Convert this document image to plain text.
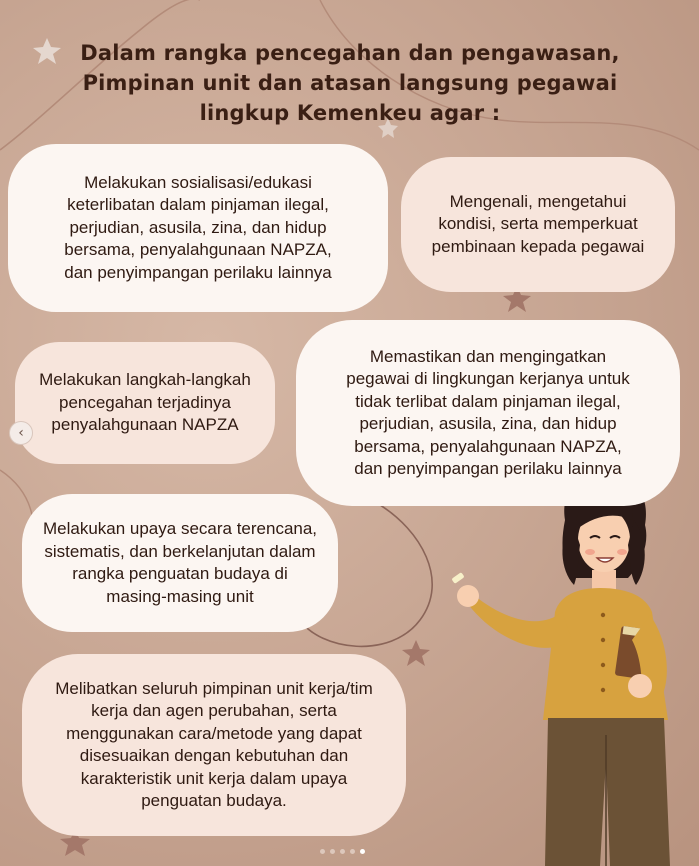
Dalam rangka pencegahan dan pengawasan,
Pimpinan unit dan atasan langsung pegawai
lingkup Kemenkeu agar :
Melakukan sosialisasi/edukasi keterlibatan dalam pinjaman ilegal, perjudian, asusila, zina, dan hidup bersama, penyalahgunaan NAPZA, dan penyimpangan perilaku lainnya
Mengenali, mengetahui kondisi, serta memperkuat pembinaan kepada pegawai
Melakukan langkah-langkah pencegahan terjadinya penyalahgunaan NAPZA
Memastikan dan mengingatkan pegawai di lingkungan kerjanya untuk tidak terlibat dalam pinjaman ilegal, perjudian, asusila, zina, dan hidup bersama, penyalahgunaan NAPZA, dan penyimpangan perilaku lainnya
Melakukan upaya secara terencana, sistematis, dan berkelanjutan dalam rangka penguatan budaya di masing-masing unit
Melibatkan seluruh pimpinan unit kerja/tim kerja dan agen perubahan, serta menggunakan cara/metode yang dapat disesuaikan dengan kebutuhan dan karakteristik unit kerja dalam upaya penguatan budaya.
‹
